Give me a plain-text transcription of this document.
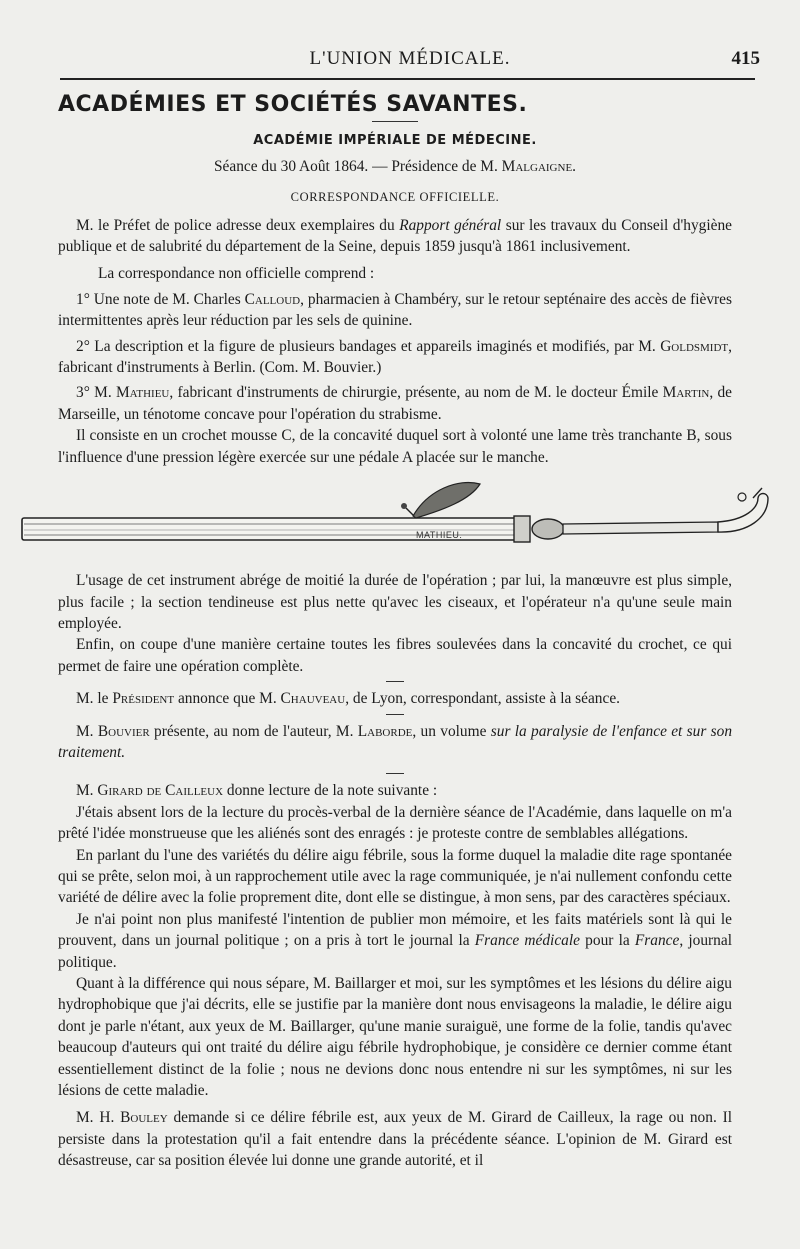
L'UNION MÉDICALE.	415

ACADÉMIES ET SOCIÉTÉS SAVANTES.

ACADÉMIE IMPÉRIALE DE MÉDECINE.

Séance du 30 Août 1864. — Présidence de M. Malgaigne.

CORRESPONDANCE OFFICIELLE.

M. le Préfet de police adresse deux exemplaires du Rapport général sur les travaux du Conseil d'hygiène publique et de salubrité du département de la Seine, depuis 1859 jusqu'à 1861 inclusivement.

La correspondance non officielle comprend :

1° Une note de M. Charles Calloud, pharmacien à Chambéry, sur le retour septénaire des accès de fièvres intermittentes après leur réduction par les sels de quinine.

2° La description et la figure de plusieurs bandages et appareils imaginés et modifiés, par M. Goldsmidt, fabricant d'instruments à Berlin. (Com. M. Bouvier.)

3° M. Mathieu, fabricant d'instruments de chirurgie, présente, au nom de M. le docteur Émile Martin, de Marseille, un ténotome concave pour l'opération du strabisme.

Il consiste en un crochet mousse C, de la concavité duquel sort à volonté une lame très tranchante B, sous l'influence d'une pression légère exercée sur une pédale A placée sur le manche.

MATHIEU.

L'usage de cet instrument abrége de moitié la durée de l'opération ; par lui, la manœuvre est plus simple, plus facile ; la section tendineuse est plus nette qu'avec les ciseaux, et l'opérateur n'a qu'une seule main employée.

Enfin, on coupe d'une manière certaine toutes les fibres soulevées dans la concavité du crochet, ce qui permet de faire une opération complète.

M. le Président annonce que M. Chauveau, de Lyon, correspondant, assiste à la séance.

M. Bouvier présente, au nom de l'auteur, M. Laborde, un volume sur la paralysie de l'enfance et sur son traitement.

M. Girard de Cailleux donne lecture de la note suivante :

J'étais absent lors de la lecture du procès-verbal de la dernière séance de l'Académie, dans laquelle on m'a prêté l'idée monstrueuse que les aliénés sont des enragés : je proteste contre de semblables allégations.

En parlant du l'une des variétés du délire aigu fébrile, sous la forme duquel la maladie dite rage spontanée qui se prête, selon moi, à un rapprochement utile avec la rage communiquée, je n'ai nullement confondu cette variété de délire avec la folie proprement dite, dont elle se distingue, à mon sens, par des caractères spéciaux.

Je n'ai point non plus manifesté l'intention de publier mon mémoire, et les faits matériels sont là qui le prouvent, dans un journal politique ; on a pris à tort le journal la France médicale pour la France, journal politique.

Quant à la différence qui nous sépare, M. Baillarger et moi, sur les symptômes et les lésions du délire aigu hydrophobique que j'ai décrits, elle se justifie par la manière dont nous envisageons la maladie, le délire aigu dont je parle n'étant, aux yeux de M. Baillarger, qu'une manie suraiguë, une forme de la folie, tandis qu'avec beaucoup d'auteurs qui ont traité du délire aigu fébrile hydrophobique, je considère ce dernier comme étant essentiellement distinct de la folie ; nous ne devions donc nous entendre ni sur les symptômes, ni sur les lésions de cette maladie.

M. H. Bouley demande si ce délire fébrile est, aux yeux de M. Girard de Cailleux, la rage ou non. Il persiste dans la protestation qu'il a fait entendre dans la précédente séance. L'opinion de M. Girard est désastreuse, car sa position élevée lui donne une grande autorité, et il
